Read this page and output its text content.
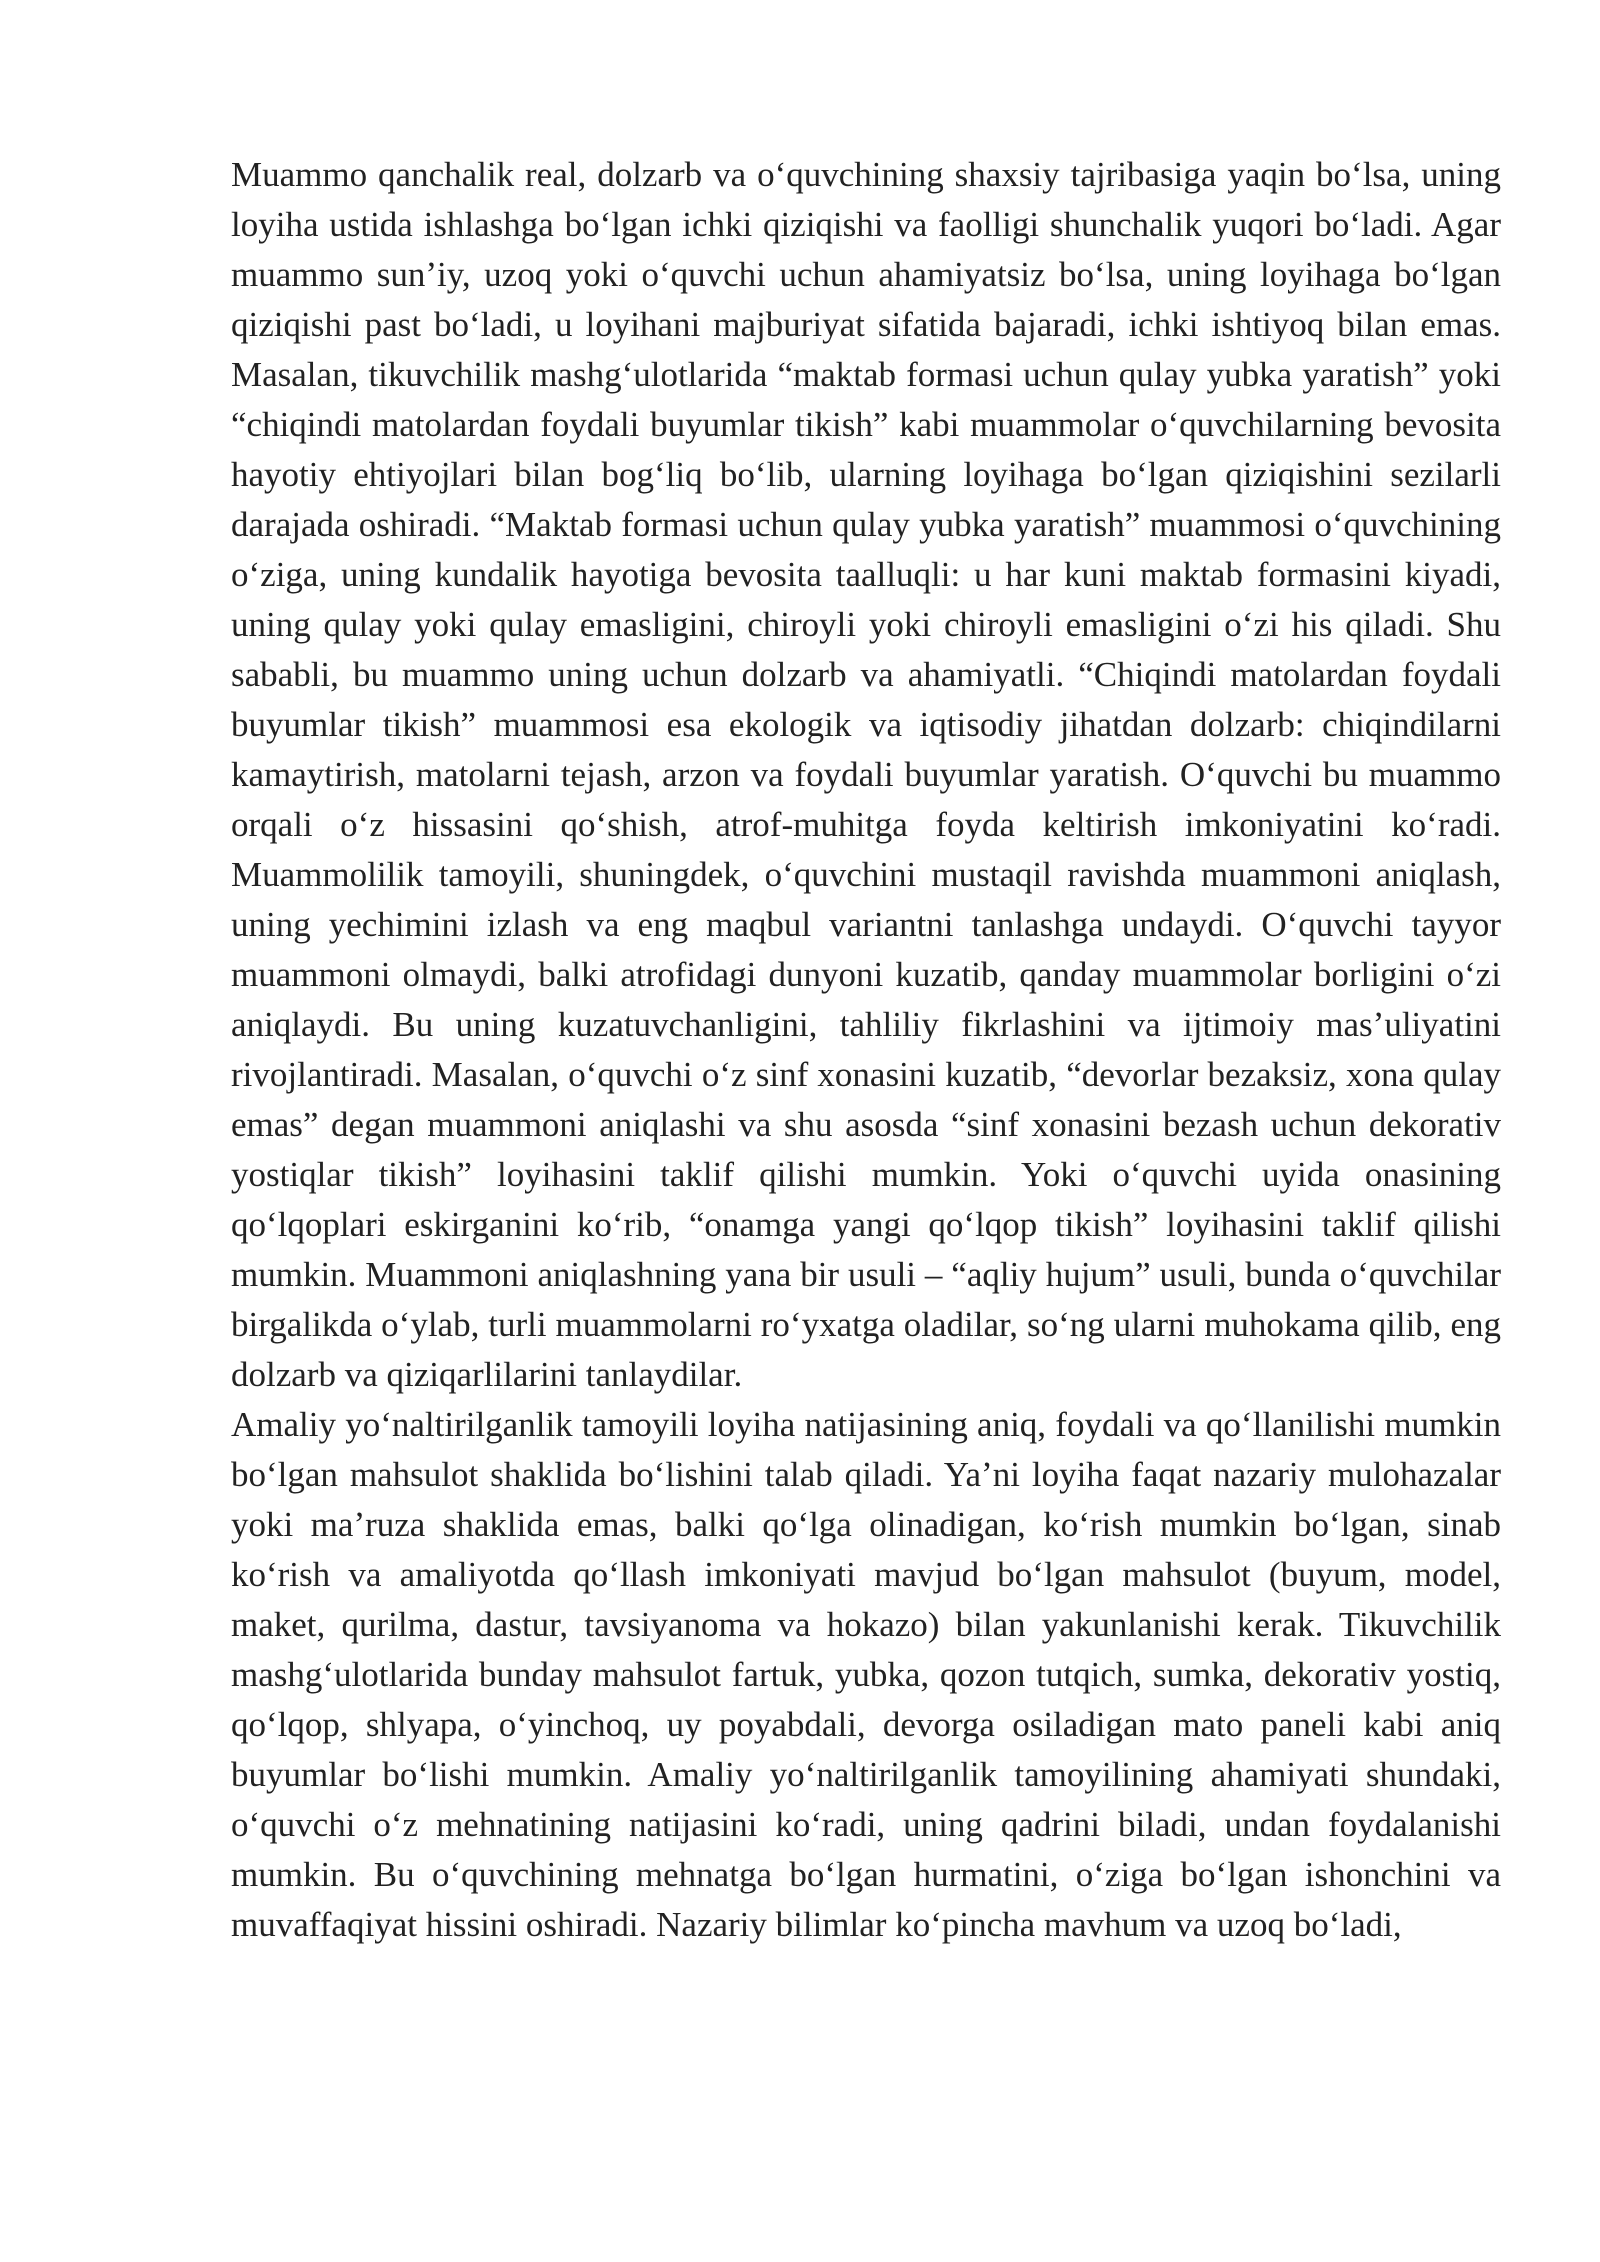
Muammo qanchalik real, dolzarb va oʻquvchining shaxsiy tajribasiga yaqin boʻlsa, uning loyiha ustida ishlashga boʻlgan ichki qiziqishi va faolligi shunchalik yuqori boʻladi. Agar muammo sunʼiy, uzoq yoki oʻquvchi uchun ahamiyatsiz boʻlsa, uning loyihaga boʻlgan qiziqishi past boʻladi, u loyihani majburiyat sifatida bajaradi, ichki ishtiyoq bilan emas. Masalan, tikuvchilik mashgʻulotlarida “maktab formasi uchun qulay yubka yaratish” yoki “chiqindi matolardan foydali buyumlar tikish” kabi muammolar oʻquvchilarning bevosita hayotiy ehtiyojlari bilan bogʻliq boʻlib, ularning loyihaga boʻlgan qiziqishini sezilarli darajada oshiradi. “Maktab formasi uchun qulay yubka yaratish” muammosi oʻquvchining oʻziga, uning kundalik hayotiga bevosita taalluqli: u har kuni maktab formasini kiyadi, uning qulay yoki qulay emasligini, chiroyli yoki chiroyli emasligini oʻzi his qiladi. Shu sababli, bu muammo uning uchun dolzarb va ahamiyatli. “Chiqindi matolardan foydali buyumlar tikish” muammosi esa ekologik va iqtisodiy jihatdan dolzarb: chiqindilarni kamaytirish, matolarni tejash, arzon va foydali buyumlar yaratish. Oʻquvchi bu muammo orqali oʻz hissasini qoʻshish, atrof-muhitga foyda keltirish imkoniyatini koʻradi. Muammolilik tamoyili, shuningdek, oʻquvchini mustaqil ravishda muammoni aniqlash, uning yechimini izlash va eng maqbul variantni tanlashga undaydi. Oʻquvchi tayyor muammoni olmaydi, balki atrofidagi dunyoni kuzatib, qanday muammolar borligini oʻzi aniqlaydi. Bu uning kuzatuvchanligini, tahliliy fikrlashini va ijtimoiy masʼuliyatini rivojlantiradi. Masalan, oʻquvchi oʻz sinf xonasini kuzatib, “devorlar bezaksiz, xona qulay emas” degan muammoni aniqlashi va shu asosda “sinf xonasini bezash uchun dekorativ yostiqlar tikish” loyihasini taklif qilishi mumkin. Yoki oʻquvchi uyida onasining qoʻlqoplari eskirganini koʻrib, “onamga yangi qoʻlqop tikish” loyihasini taklif qilishi mumkin. Muammoni aniqlashning yana bir usuli – “aqliy hujum” usuli, bunda oʻquvchilar birgalikda oʻylab, turli muammolarni roʻyxatga oladilar, soʻng ularni muhokama qilib, eng dolzarb va qiziqarlilarini tanlaydilar.

Amaliy yoʻnaltirilganlik tamoyili loyiha natijasining aniq, foydali va qoʻllanilishi mumkin boʻlgan mahsulot shaklida boʻlishini talab qiladi. Yaʼni loyiha faqat nazariy mulohazalar yoki maʼruza shaklida emas, balki qoʻlga olinadigan, koʻrish mumkin boʻlgan, sinab koʻrish va amaliyotda qoʻllash imkoniyati mavjud boʻlgan mahsulot (buyum, model, maket, qurilma, dastur, tavsiyanoma va hokazo) bilan yakunlanishi kerak. Tikuvchilik mashgʻulotlarida bunday mahsulot fartuk, yubka, qozon tutqich, sumka, dekorativ yostiq, qoʻlqop, shlyapa, oʻyinchoq, uy poyabdali, devorga osiladigan mato paneli kabi aniq buyumlar boʻlishi mumkin. Amaliy yoʻnaltirilganlik tamoyilining ahamiyati shundaki, oʻquvchi oʻz mehnatining natijasini koʻradi, uning qadrini biladi, undan foydalanishi mumkin. Bu oʻquvchining mehnatga boʻlgan hurmatini, oʻziga boʻlgan ishonchini va muvaffaqiyat hissini oshiradi. Nazariy bilimlar koʻpincha mavhum va uzoq boʻladi,
